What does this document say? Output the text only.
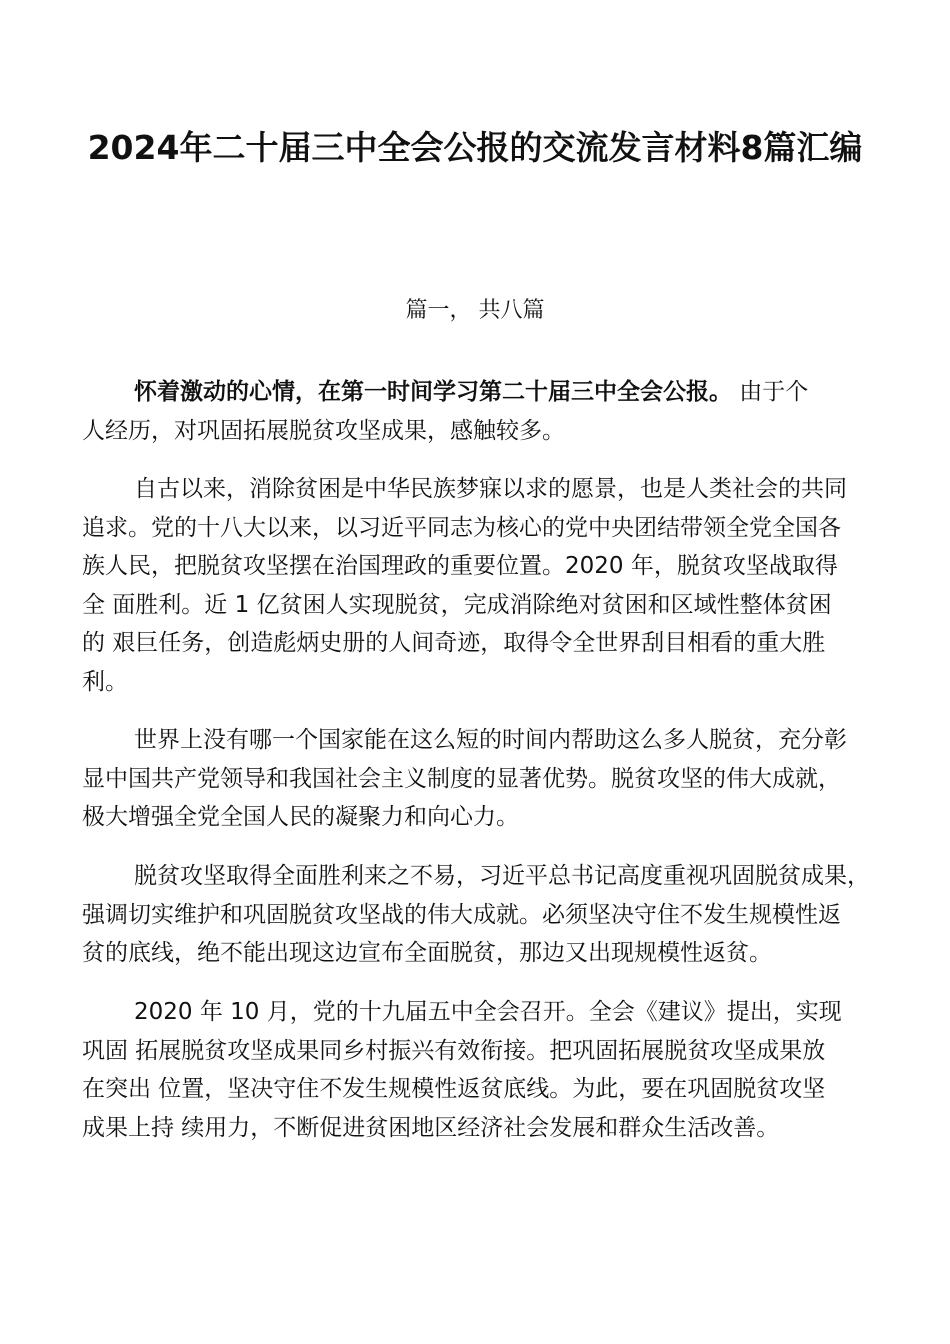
2024年二十届三中全会公报的交流发言材料8篇汇编
篇一， 共八篇
怀着激动的心情，在第一时间学习第二十届三中全会公报。 由于个
人经历，对巩固拓展脱贫攻坚成果，感触较多。
自古以来，消除贫困是中华民族梦寐以求的愿景，也是人类社会的共同
追求。党的十八大以来，以习近平同志为核心的党中央团结带领全党全国各
族人民，把脱贫攻坚摆在治国理政的重要位置。2020 年，脱贫攻坚战取得
全 面胜利。近 1 亿贫困人实现脱贫，完成消除绝对贫困和区域性整体贫困
的 艰巨任务，创造彪炳史册的人间奇迹，取得令全世界刮目相看的重大胜
利。
世界上没有哪一个国家能在这么短的时间内帮助这么多人脱贫，充分彰
显中国共产党领导和我国社会主义制度的显著优势。脱贫攻坚的伟大成就，
极大增强全党全国人民的凝聚力和向心力。
脱贫攻坚取得全面胜利来之不易，习近平总书记高度重视巩固脱贫成果，
强调切实维护和巩固脱贫攻坚战的伟大成就。必须坚决守住不发生规模性返
贫的底线，绝不能出现这边宣布全面脱贫，那边又出现规模性返贫。
2020 年 10 月，党的十九届五中全会召开。全会《建议》提出，实现
巩固 拓展脱贫攻坚成果同乡村振兴有效衔接。把巩固拓展脱贫攻坚成果放
在突出 位置，坚决守住不发生规模性返贫底线。为此，要在巩固脱贫攻坚
成果上持 续用力，不断促进贫困地区经济社会发展和群众生活改善。
